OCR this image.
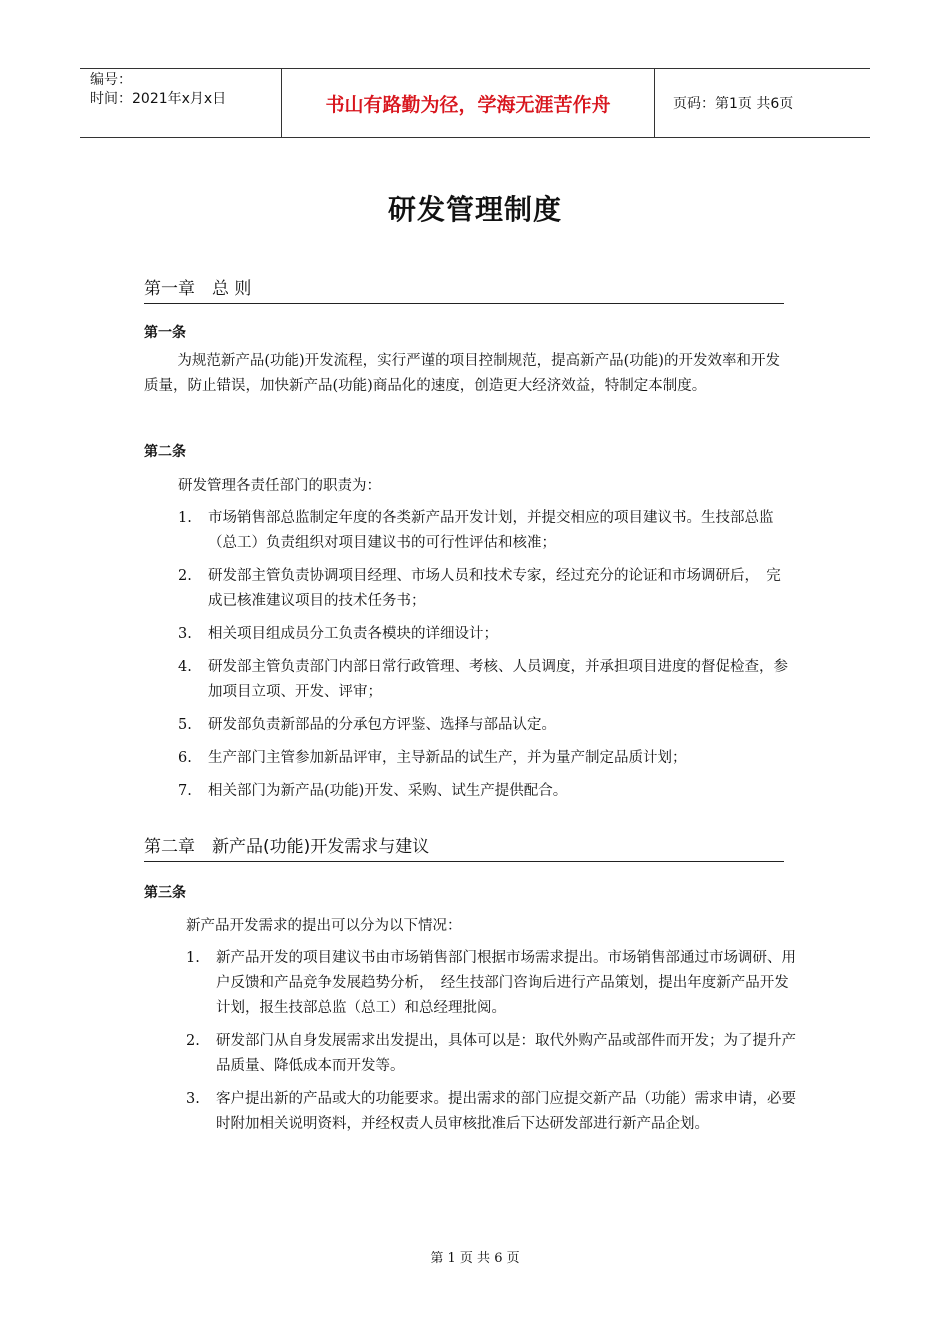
编号：
时间：2021年x月x日	书山有路勤为径，学海无涯苦作舟	页码：第1页 共6页
研发管理制度
第一章　总 则
第一条
为规范新产品(功能)开发流程，实行严谨的项目控制规范，提高新产品(功能)的开发效率和开发质量，防止错误，加快新产品(功能)商品化的速度，创造更大经济效益，特制定本制度。
第二条
研发管理各责任部门的职责为：
1. 市场销售部总监制定年度的各类新产品开发计划，并提交相应的项目建议书。生技部总监（总工）负责组织对项目建议书的可行性评估和核准；
2. 研发部主管负责协调项目经理、市场人员和技术专家，经过充分的论证和市场调研后，　完成已核准建议项目的技术任务书；
3. 相关项目组成员分工负责各模块的详细设计；
4. 研发部主管负责部门内部日常行政管理、考核、人员调度，并承担项目进度的督促检查，参加项目立项、开发、评审；
5. 研发部负责新部品的分承包方评鉴、选择与部品认定。
6. 生产部门主管参加新品评审，主导新品的试生产，并为量产制定品质计划；
7. 相关部门为新产品(功能)开发、采购、试生产提供配合。
第二章　新产品(功能)开发需求与建议
第三条
新产品开发需求的提出可以分为以下情况：
1. 新产品开发的项目建议书由市场销售部门根据市场需求提出。市场销售部通过市场调研、用户反馈和产品竞争发展趋势分析，　经生技部门咨询后进行产品策划，提出年度新产品开发计划，报生技部总监（总工）和总经理批阅。
2. 研发部门从自身发展需求出发提出，具体可以是：取代外购产品或部件而开发；为了提升产品质量、降低成本而开发等。
3. 客户提出新的产品或大的功能要求。提出需求的部门应提交新产品（功能）需求申请，必要时附加相关说明资料，并经权责人员审核批准后下达研发部进行新产品企划。
第 1 页 共 6 页
